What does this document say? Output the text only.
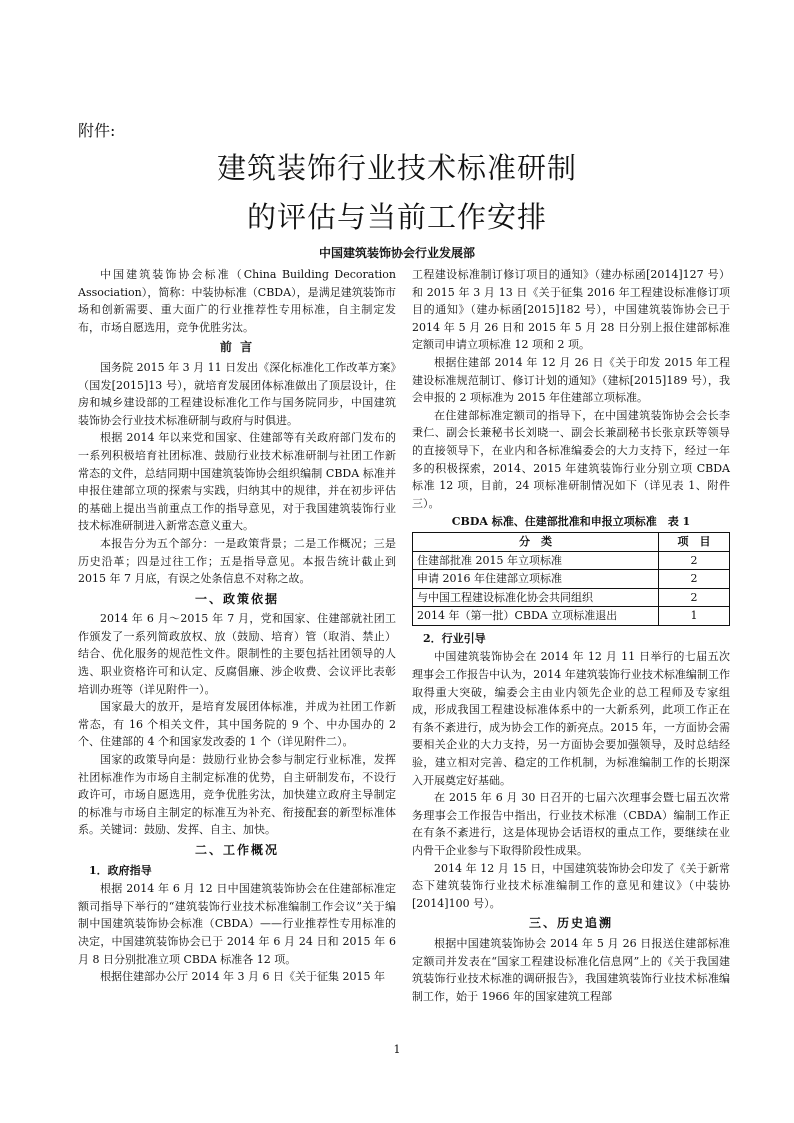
附件:
建筑装饰行业技术标准研制
的评估与当前工作安排
中国建筑装饰协会行业发展部

中国建筑装饰协会标准（China Building Decoration Association），简称：中装协标准（CBDA），是满足建筑装饰市场和创新需要、重大面广的行业推荐性专用标准，自主制定发布，市场自愿选用，竞争优胜劣汰。

前 言

国务院 2015 年 3 月 11 日发出《深化标准化工作改革方案》（国发[2015]13 号），就培育发展团体标准做出了顶层设计，住房和城乡建设部的工程建设标准化工作与国务院同步，中国建筑装饰协会行业技术标准研制与政府与时俱进。

根据 2014 年以来党和国家、住建部等有关政府部门发布的一系列积极培育社团标准、鼓励行业技术标准研制与社团工作新常态的文件，总结同期中国建筑装饰协会组织编制 CBDA 标准并申报住建部立项的探索与实践，归纳其中的规律，并在初步评估的基础上提出当前重点工作的指导意见，对于我国建筑装饰行业技术标准研制进入新常态意义重大。

本报告分为五个部分：一是政策背景；二是工作概况；三是历史沿革；四是过往工作；五是指导意见。本报告统计截止到 2015 年 7 月底，有误之处条信息不对称之故。

一、政策依据

2014 年 6 月～2015 年 7 月，党和国家、住建部就社团工作颁发了一系列简政放权、放（鼓励、培育）管（取消、禁止）结合、优化服务的规范性文件。限制性的主要包括社团领导的人选、职业资格许可和认定、反腐倡廉、涉企收费、会议评比表彰培训办班等（详见附件一）。

国家最大的放开，是培育发展团体标准，并成为社团工作新常态，有 16 个相关文件，其中国务院的 9 个、中办国办的 2 个、住建部的 4 个和国家发改委的 1 个（详见附件二）。

国家的政策导向是：鼓励行业协会参与制定行业标准，发挥社团标准作为市场自主制定标准的优势，自主研制发布，不设行政许可，市场自愿选用，竞争优胜劣汰，加快建立政府主导制定的标准与市场自主制定的标准互为补充、衔接配套的新型标准体系。关键词：鼓励、发挥、自主、加快。

二、工作概况
1．政府指导

根据 2014 年 6 月 12 日中国建筑装饰协会在住建部标准定额司指导下举行的“建筑装饰行业技术标准编制工作会议”关于编制中国建筑装饰协会标准（CBDA）——行业推荐性专用标准的决定，中国建筑装饰协会已于 2014 年 6 月 24 日和 2015 年 6 月 8 日分别批准立项 CBDA 标准各 12 项。

根据住建部办公厅 2014 年 3 月 6 日《关于征集 2015 年

工程建设标准制订修订项目的通知》（建办标函[2014]127 号）和 2015 年 3 月 13 日《关于征集 2016 年工程建设标准修订项目的通知》（建办标函[2015]182 号），中国建筑装饰协会已于 2014 年 5 月 26 日和 2015 年 5 月 28 日分别上报住建部标准定额司申请立项标准 12 项和 2 项。

根据住建部 2014 年 12 月 26 日《关于印发 2015 年工程建设标准规范制订、修订计划的通知》（建标[2015]189 号），我会申报的 2 项标准为 2015 年住建部立项标准。

在住建部标准定额司的指导下，在中国建筑装饰协会会长李秉仁、副会长兼秘书长刘晓一、副会长兼副秘书长张京跃等领导的直接领导下，在业内和各标准编委会的大力支持下，经过一年多的积极探索，2014、2015 年建筑装饰行业分别立项 CBDA 标准 12 项，目前，24 项标准研制情况如下（详见表 1、附件三）。

CBDA 标准、住建部批准和申报立项标准　表 1
分　类	项　目
住建部批准 2015 年立项标准	2
申请 2016 年住建部立项标准	2
与中国工程建设标准化协会共同组织	2
2014 年（第一批）CBDA 立项标准退出	1
2．行业引导

中国建筑装饰协会在 2014 年 12 月 11 日举行的七届五次理事会工作报告中认为，2014 年建筑装饰行业技术标准编制工作取得重大突破，编委会主由业内领先企业的总工程师及专家组成，形成我国工程建设标准体系中的一大新系列，此项工作正在有条不紊进行，成为协会工作的新亮点。2015 年，一方面协会需要相关企业的大力支持，另一方面协会要加强领导，及时总结经验，建立相对完善、稳定的工作机制，为标准编制工作的长期深入开展奠定好基础。

在 2015 年 6 月 30 日召开的七届六次理事会暨七届五次常务理事会工作报告中指出，行业技术标准（CBDA）编制工作正在有条不紊进行，这是体现协会话语权的重点工作，要继续在业内骨干企业参与下取得阶段性成果。

2014 年 12 月 15 日，中国建筑装饰协会印发了《关于新常态下建筑装饰行业技术标准编制工作的意见和建议》（中装协[2014]100 号）。

三、历史追溯

根据中国建筑装饰协会 2014 年 5 月 26 日报送住建部标准定额司并发表在“国家工程建设标准化信息网”上的《关于我国建筑装饰行业技术标准的调研报告》，我国建筑装饰行业技术标准编制工作，始于 1966 年的国家建筑工程部

1
